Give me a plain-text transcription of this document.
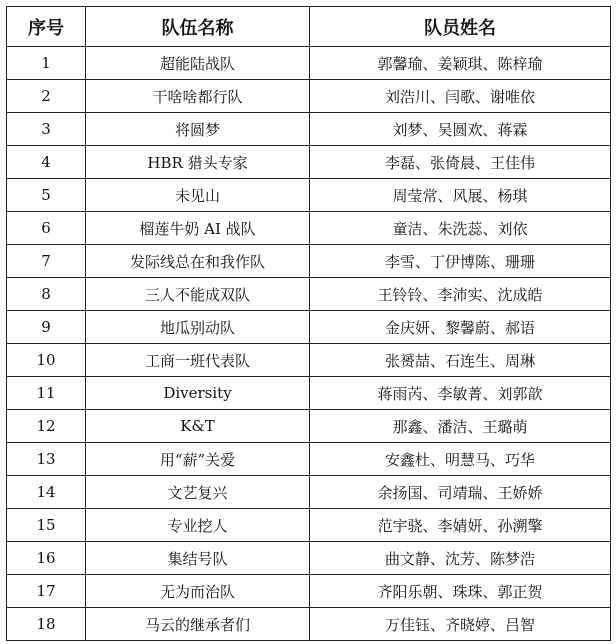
序号	队伍名称	队员姓名
1	超能陆战队	郭馨瑜、姜颖琪、陈梓瑜
2	干啥啥都行队	刘浩川、闫歌、谢唯依
3	将圆梦	刘梦、吴圆欢、蒋霖
4	HBR 猎头专家	李磊、张倚晨、王佳伟
5	未见山	周莹常、风展、杨琪
6	榴莲牛奶 AI 战队	童洁、朱洗蕊、刘依
7	发际线总在和我作队	李雪、丁伊博陈、珊珊
8	三人不能成双队	王铃铃、李沛实、沈成皓
9	地瓜别动队	金庆妍、黎馨蔚、郝语
10	工商一班代表队	张赟喆、石连生、周琳
11	Diversity	蒋雨芮、李敏菁、刘郭歆
12	K&T	那鑫、潘洁、王璐萌
13	用“薪”关爱	安鑫杜、明慧马、巧华
14	文艺复兴	余扬国、司靖瑞、王娇娇
15	专业挖人	范宇骁、李婧妍、孙溯擎
16	集结号队	曲文静、沈芳、陈梦浩
17	无为而治队	齐阳乐朝、珠珠、郭正贺
18	马云的继承者们	万佳钰、齐晓婷、吕智
